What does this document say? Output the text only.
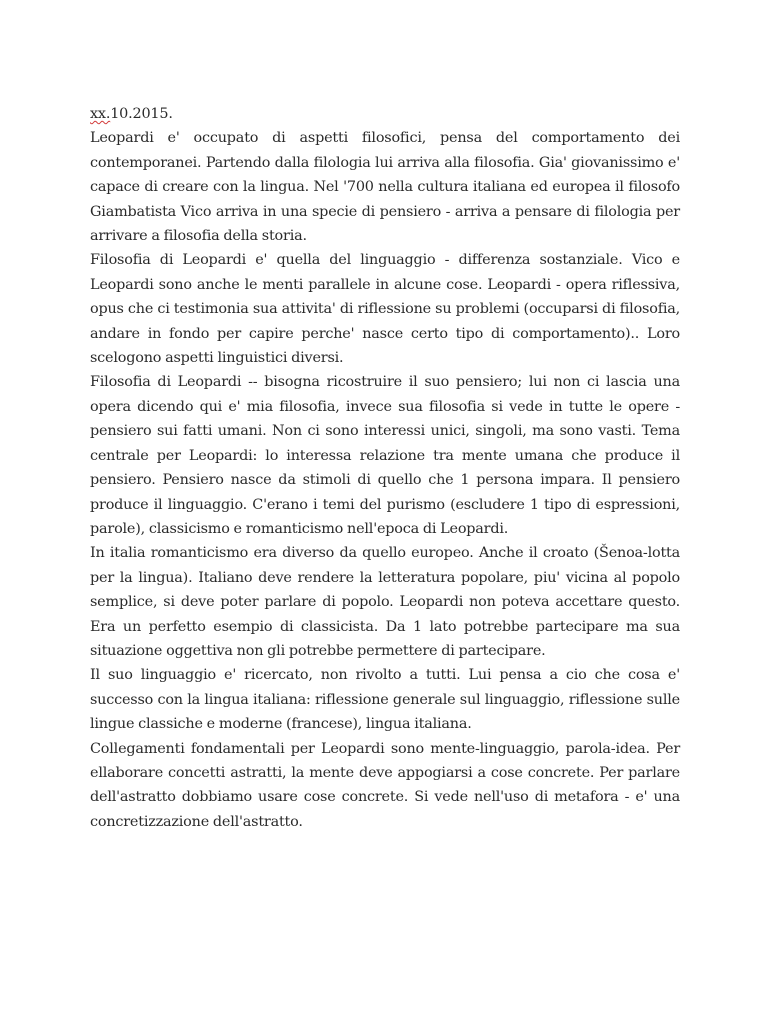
xx.10.2015.

Leopardi e' occupato di aspetti filosofici, pensa del comportamento dei contemporanei. Partendo dalla filologia lui arriva alla filosofia. Gia' giovanissimo e' capace di creare con la lingua. Nel '700 nella cultura italiana ed europea il filosofo Giambatista Vico arriva in una specie di pensiero - arriva a pensare di filologia per arrivare a filosofia della storia.

Filosofia di Leopardi e' quella del linguaggio - differenza sostanziale. Vico e Leopardi sono anche le menti parallele in alcune cose. Leopardi - opera riflessiva, opus che ci testimonia sua attivita' di riflessione su problemi (occuparsi di filosofia, andare in fondo per capire perche' nasce certo tipo di comportamento).. Loro scelogono aspetti linguistici diversi.

Filosofia di Leopardi -- bisogna ricostruire il suo pensiero; lui non ci lascia una opera dicendo qui e' mia filosofia, invece sua filosofia si vede in tutte le opere - pensiero sui fatti umani. Non ci sono interessi unici, singoli, ma sono vasti. Tema centrale per Leopardi: lo interessa relazione tra mente umana che produce il pensiero. Pensiero nasce da stimoli di quello che 1 persona impara. Il pensiero produce il linguaggio. C'erano i temi del purismo (escludere 1 tipo di espressioni, parole), classicismo e romanticismo nell'epoca di Leopardi.

In italia romanticismo era diverso da quello europeo. Anche il croato (Šenoa-lotta per la lingua). Italiano deve rendere la letteratura popolare, piu' vicina al popolo semplice, si deve poter parlare di popolo. Leopardi non poteva accettare questo. Era un perfetto esempio di classicista. Da 1 lato potrebbe partecipare ma sua situazione oggettiva non gli potrebbe permettere di partecipare.

Il suo linguaggio e' ricercato, non rivolto a tutti. Lui pensa a cio che cosa e' successo con la lingua italiana: riflessione generale sul linguaggio, riflessione sulle lingue classiche e moderne (francese), lingua italiana.

Collegamenti fondamentali per Leopardi sono mente-linguaggio, parola-idea. Per ellaborare concetti astratti, la mente deve appogiarsi a cose concrete. Per parlare dell'astratto dobbiamo usare cose concrete. Si vede nell'uso di metafora - e' una concretizzazione dell'astratto.
